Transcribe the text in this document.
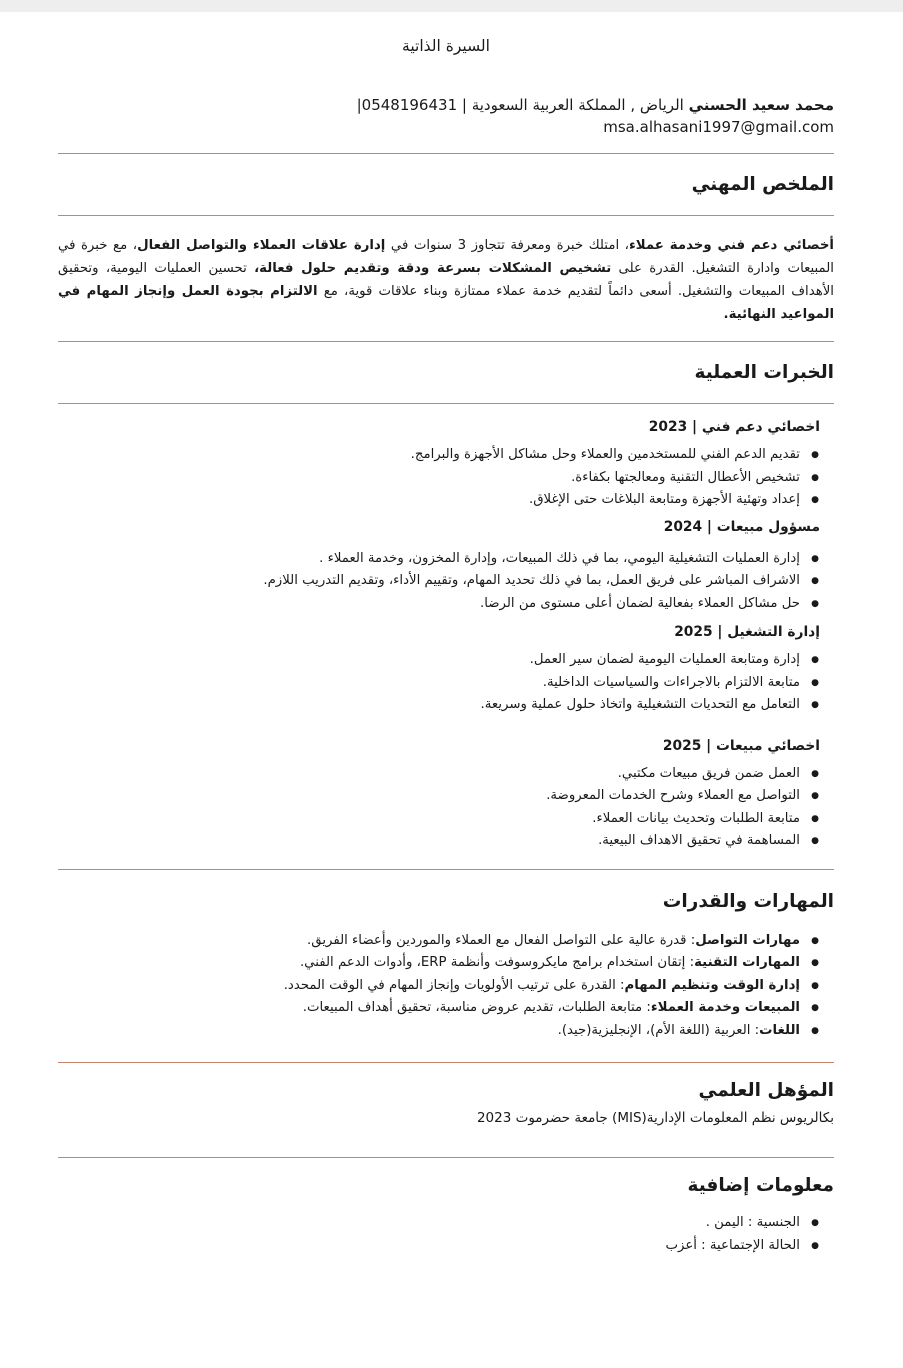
السيرة الذاتية
محمد سعيد الحسني الرياض , المملكة العربية السعودية | 0548196431|
msa.alhasani1997@gmail.com
الملخص المهني

أخصائي دعم فني وخدمة عملاء، امتلك خبرة ومعرفة تتجاوز 3 سنوات في إدارة علاقات العملاء والتواصل الفعال، مع خبرة في المبيعات وادارة التشغيل. القدرة على تشخيص المشكلات بسرعة ودقة وتقديم حلول فعالة، تحسين العمليات اليومية، وتحقيق الأهداف المبيعات والتشغيل. أسعى دائماً لتقديم خدمة عملاء ممتازة وبناء علاقات قوية، مع الالتزام بجودة العمل وإنجاز المهام في المواعيد النهائية.

الخبرات العملية
اخصائي دعم فني | 2023
● تقديم الدعم الفني للمستخدمين والعملاء وحل مشاكل الأجهزة والبرامج.
● تشخيص الأعطال التقنية ومعالجتها بكفاءة.
● إعداد وتهئية الأجهزة ومتابعة البلاغات حتى الإغلاق.
مسؤول مبيعات | 2024
● إدارة العمليات التشغيلية اليومي، بما في ذلك المبيعات، وإدارة المخزون، وخدمة العملاء .
● الاشراف المباشر على فريق العمل، بما في ذلك تحديد المهام، وتقييم الأداء، وتقديم التدريب اللازم.
● حل مشاكل العملاء بفعالية لضمان أعلى مستوى من الرضا.
إدارة التشغيل | 2025
● إدارة ومتابعة العمليات اليومية لضمان سير العمل.
● متابعة الالتزام بالاجراءات والسياسيات الداخلية.
● التعامل مع التحديات التشغيلية واتخاذ حلول عملية وسريعة.
اخصائي مبيعات | 2025
● العمل ضمن فريق مبيعات مكتبي.
● التواصل مع العملاء وشرح الخدمات المعروضة.
● متابعة الطلبات وتحديث بيانات العملاء.
● المساهمة في تحقيق الاهداف البيعية.
المهارات والقدرات
● مهارات التواصل: قدرة عالية على التواصل الفعال مع العملاء والموردين وأعضاء الفريق.
● المهارات التقنية: إتقان استخدام برامج مايكروسوفت وأنظمة ERP، وأدوات الدعم الفني.
● إدارة الوقت وتنظيم المهام: القدرة على ترتيب الأولويات وإنجاز المهام في الوقت المحدد.
● المبيعات وخدمة العملاء: متابعة الطلبات، تقديم عروض مناسبة، تحقيق أهداف المبيعات.
● اللغات: العربية (اللغة الأم)، الإنجليزية(جيد).
المؤهل العلمي

بكالريوس نظم المعلومات الإدارية(MIS) جامعة حضرموت 2023

معلومات إضافية
● الجنسية : اليمن .
● الحالة الإجتماعية : أعزب
